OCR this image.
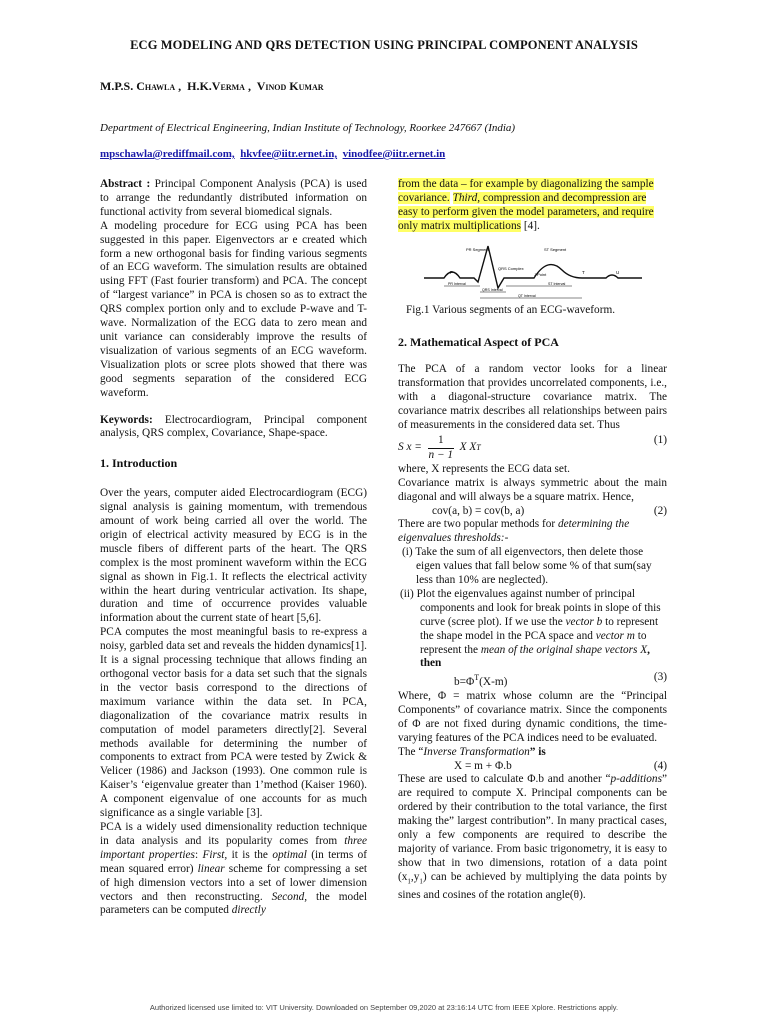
ECG MODELING AND QRS DETECTION USING PRINCIPAL COMPONENT ANALYSIS
M.P.S. Chawla ,  H.K.Verma ,  Vinod Kumar
Department of Electrical Engineering, Indian Institute of Technology, Roorkee 247667 (India)
mpschawla@rediffmail.com, hkvfee@iitr.ernet.in, vinodfee@iitr.ernet.in

Abstract : Principal Component Analysis (PCA) is used to arrange the redundantly distributed information on functional activity from several biomedical signals.

A modeling procedure for ECG using PCA has been suggested in this paper. Eigenvectors ar e created which form a new orthogonal basis for finding various segments of an ECG waveform. The simulation results are obtained using FFT (Fast fourier transform) and PCA. The concept of “largest variance” in PCA is chosen so as to extract the QRS complex portion only and to exclude P-wave and T-wave. Normalization of the ECG data to zero mean and unit variance can considerably improve the results of visualization of various segments of an ECG waveform. Visualization plots or scree plots showed that there was good segments separation of the considered ECG waveform.

Keywords: Electrocardiogram, Principal component analysis, QRS complex, Covariance, Shape-space.

1. Introduction

Over the years, computer aided Electrocardiogram (ECG) signal analysis is gaining momentum, with tremendous amount of work being carried all over the world. The origin of electrical activity measured by ECG is in the muscle fibers of different parts of the heart. The QRS complex is the most prominent waveform within the ECG signal as shown in Fig.1. It reflects the electrical activity within the heart during ventricular activation. Its shape, duration and time of occurrence provides valuable information about the current state of heart [5,6].

PCA computes the most meaningful basis to re-express a noisy, garbled data set and reveals the hidden dynamics[1]. It is a signal processing technique that allows finding an orthogonal vector basis for a data set such that the signals in the vector basis correspond to the directions of maximum variance within the data set. In PCA, diagonalization of the covariance matrix results in computation of model parameters directly[2]. Several methods available for determining the number of components to extract from PCA were tested by Zwick & Velicer (1986) and Jackson (1993). One common rule is Kaiser’s ‘eigenvalue greater than 1’method (Kaiser 1960). A component eigenvalue of one accounts for as much significance as a single variable [3].

PCA is a widely used dimensionality reduction technique in data analysis and its popularity comes from three important properties: First, it is the optimal (in terms of mean squared error) linear scheme for compressing a set of high dimension vectors into a set of lower dimension vectors and then reconstructing. Second, the model parameters can be computed directly

from the data – for example by diagonalizing the sample covariance. Third, compression and decompression are easy to perform given the model parameters, and require only matrix multiplications [4].

PR Segment	ST Segment
P
QRS Complex
J Point	T	U
PR Interval
QRS Interval
QT Interval
ST Interval

Fig.1 Various segments of an ECG-waveform.

2. Mathematical Aspect of PCA

The PCA of a random vector looks for a linear transformation that provides uncorrelated components, i.e., with a diagonal-structure covariance matrix. The covariance matrix describes all relationships between pairs of measurements in the considered data set. Thus

S $x = \frac{1}{n - 1}$ X X T
(1)

where, X represents the ECG data set.

Covariance matrix is always symmetric about the main diagonal and will always be a square matrix. Hence,

cov(a, b) = cov(b, a)	(2)

There are two popular methods for determining the eigenvalues thresholds:-

(i) Take the sum of all eigenvectors, then delete those eigen values that fall below some % of that sum(say less than 10% are neglected).

(ii) Plot the eigenvalues against number of principal components and look for break points in slope of this curve (scree plot). If we use the vector b to represent the shape model in the PCA space and vector m to represent the mean of the original shape vectors X, then

$b=\Phi^T(X-m)$	(3)

Where, Φ = matrix whose column are the “Principal Components” of covariance matrix. Since the components of Φ are not fixed during dynamic conditions, the time-varying features of the PCA indices need to be evaluated.

The “Inverse Transformation” is

X = m + Φ.b	(4)

These are used to calculate Φ.b and another “p-additions” are required to compute X. Principal components can be ordered by their contribution to the total variance, the first making the” largest contribution”. In many practical cases, only a few components are required to describe the majority of variance. From basic trigonometry, it is easy to show that in two dimensions, rotation of a data point $(x_1,y_1)$ can be achieved by multiplying the data points by sines and cosines of the rotation angle(θ).

Authorized licensed use limited to: VIT University. Downloaded on September 09,2020 at 23:16:14 UTC from IEEE Xplore. Restrictions apply.
